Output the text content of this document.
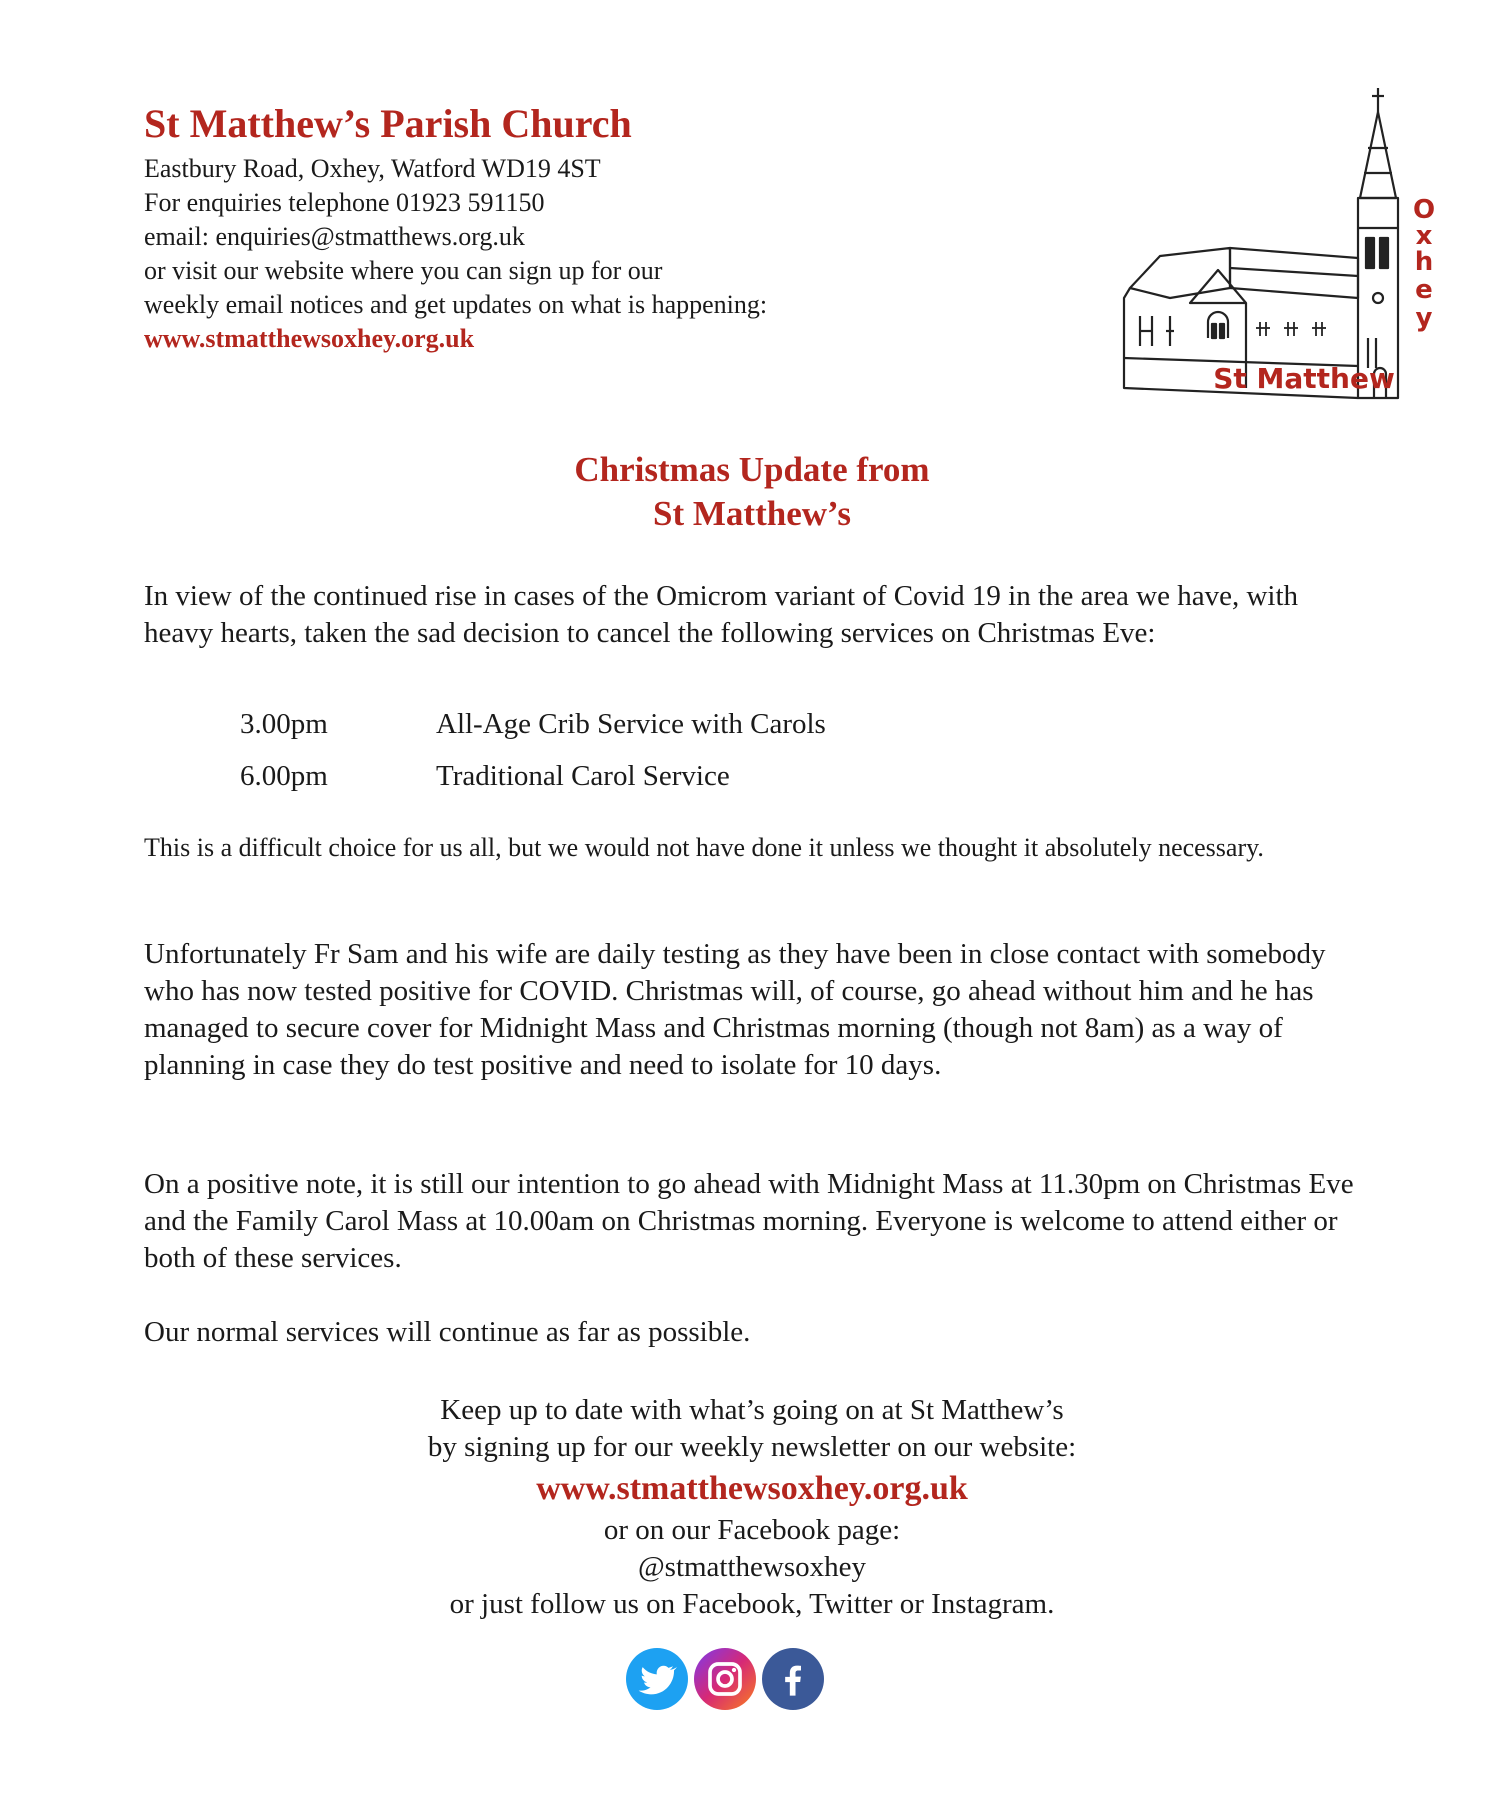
St Matthew’s Parish Church
Eastbury Road, Oxhey, Watford WD19 4ST
For enquiries telephone 01923 591150
email: enquiries@stmatthews.org.uk
or visit our website where you can sign up for our
weekly email notices and get updates on what is happening:
www.stmatthewsoxhey.org.uk
O
x
h
e
y
St Matthew
Christmas Update from
St Matthew’s

In view of the continued rise in cases of the Omicrom variant of Covid 19 in the area we have, with heavy hearts, taken the sad decision to cancel the following services on Christmas Eve:

3.00pm	All-Age Crib Service with Carols
6.00pm	Traditional Carol Service

This is a difficult choice for us all, but we would not have done it unless we thought it absolutely necessary.

Unfortunately Fr Sam and his wife are daily testing as they have been in close contact with somebody who has now tested positive for COVID. Christmas will, of course, go ahead without him and he has managed to secure cover for Midnight Mass and Christmas morning (though not 8am) as a way of planning in case they do test positive and need to isolate for 10 days.

On a positive note, it is still our intention to go ahead with Midnight Mass at 11.30pm on Christmas Eve and the Family Carol Mass at 10.00am on Christmas morning. Everyone is welcome to attend either or both of these services.

Our normal services will continue as far as possible.

Keep up to date with what’s going on at St Matthew’s
by signing up for our weekly newsletter on our website:
www.stmatthewsoxhey.org.uk
or on our Facebook page:
@stmatthewsoxhey
or just follow us on Facebook, Twitter or Instagram.
